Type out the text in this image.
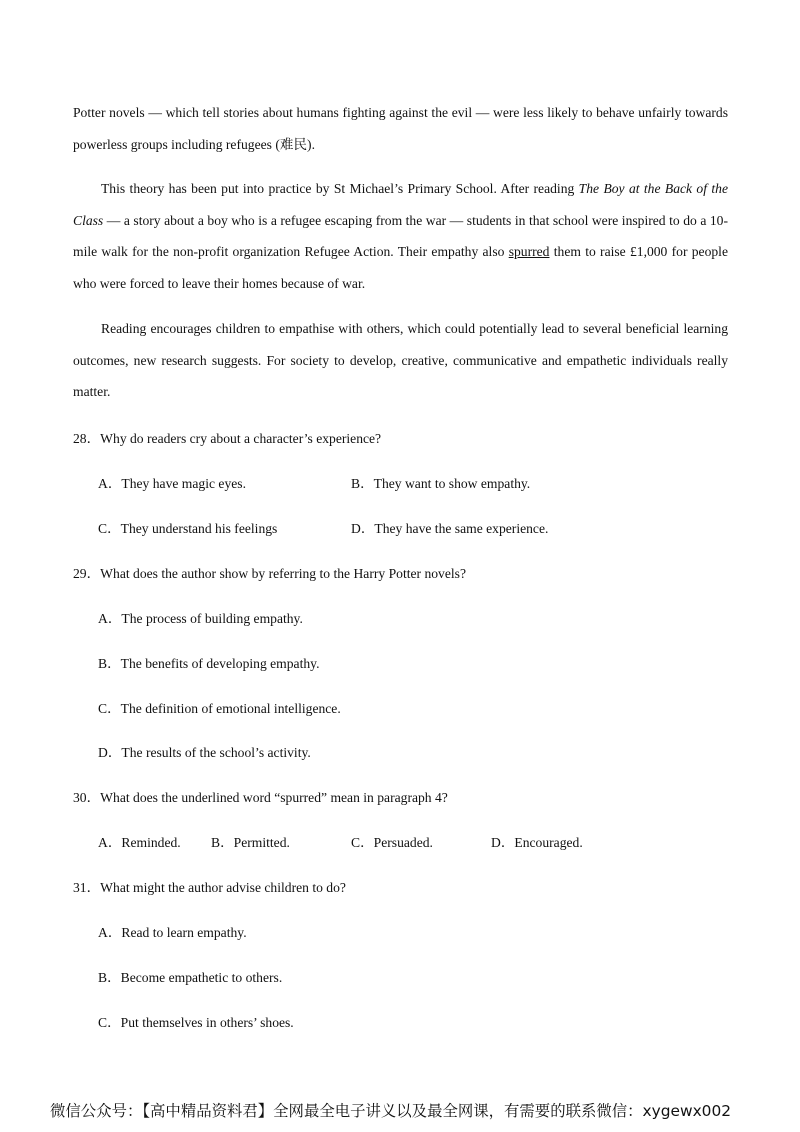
Potter novels — which tell stories about humans fighting against the evil — were less likely to behave unfairly towards powerless groups including refugees (难民).

This theory has been put into practice by St Michael’s Primary School. After reading The Boy at the Back of the Class — a story about a boy who is a refugee escaping from the war — students in that school were inspired to do a 10-mile walk for the non-profit organization Refugee Action. Their empathy also spurred them to raise £1,000 for people who were forced to leave their homes because of war.

Reading encourages children to empathise with others, which could potentially lead to several beneficial learning outcomes, new research suggests. For society to develop, creative, communicative and empathetic individuals really matter.

28．Why do readers cry about a character’s experience?

A．They have magic eyes.	B．They want to show empathy.

C．They understand his feelings	D．They have the same experience.

29．What does the author show by referring to the Harry Potter novels?

A．The process of building empathy.

B．The benefits of developing empathy.

C．The definition of emotional intelligence.

D．The results of the school’s activity.

30．What does the underlined word “spurred” mean in paragraph 4?

A．Reminded. B．Permitted.	C．Persuaded.	D．Encouraged.

31．What might the author advise children to do?

A．Read to learn empathy.

B．Become empathetic to others.

C．Put themselves in others’ shoes.

微信公众号：【高中精品资料君】全网最全电子讲义以及最全网课，有需要的联系微信：xygewx002
